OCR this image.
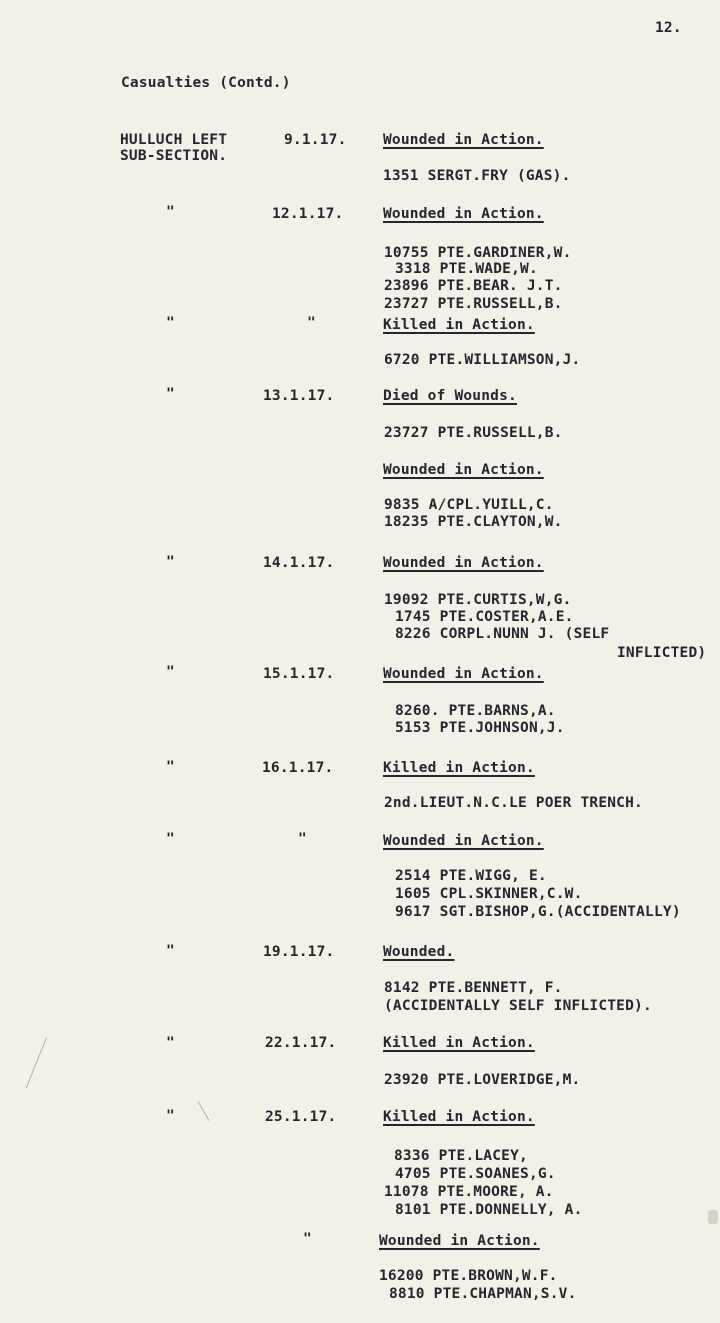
12.
Casualties (Contd.)
HULLUCH LEFT
SUB-SECTION.
"
"
"
"
"
"
"
"
"
"
9.1.17.
12.1.17.
"
13.1.17.
14.1.17.
15.1.17.
16.1.17.
"
19.1.17.
22.1.17.
25.1.17.
"
Wounded in Action.
Wounded in Action.
Killed in Action.
Died of Wounds.
Wounded in Action.
Wounded in Action.
Wounded in Action.
Killed in Action.
Wounded in Action.
Wounded.
Killed in Action.
Killed in Action.
Wounded in Action.
1351 SERGT.FRY (GAS).
10755 PTE.GARDINER,W.
3318 PTE.WADE,W.
23896 PTE.BEAR. J.T.
23727 PTE.RUSSELL,B.
6720 PTE.WILLIAMSON,J.
23727 PTE.RUSSELL,B.
9835 A/CPL.YUILL,C.
18235 PTE.CLAYTON,W.
19092 PTE.CURTIS,W,G.
1745 PTE.COSTER,A.E.
8226 CORPL.NUNN J. (SELF
INFLICTED)
8260. PTE.BARNS,A.
5153 PTE.JOHNSON,J.
2nd.LIEUT.N.C.LE POER TRENCH.
2514 PTE.WIGG, E.
1605 CPL.SKINNER,C.W.
9617 SGT.BISHOP,G.(ACCIDENTALLY)
8142 PTE.BENNETT, F.
(ACCIDENTALLY SELF INFLICTED).
23920 PTE.LOVERIDGE,M.
8336 PTE.LACEY,
4705 PTE.SOANES,G.
11078 PTE.MOORE, A.
8101 PTE.DONNELLY, A.
16200 PTE.BROWN,W.F.
8810 PTE.CHAPMAN,S.V.
